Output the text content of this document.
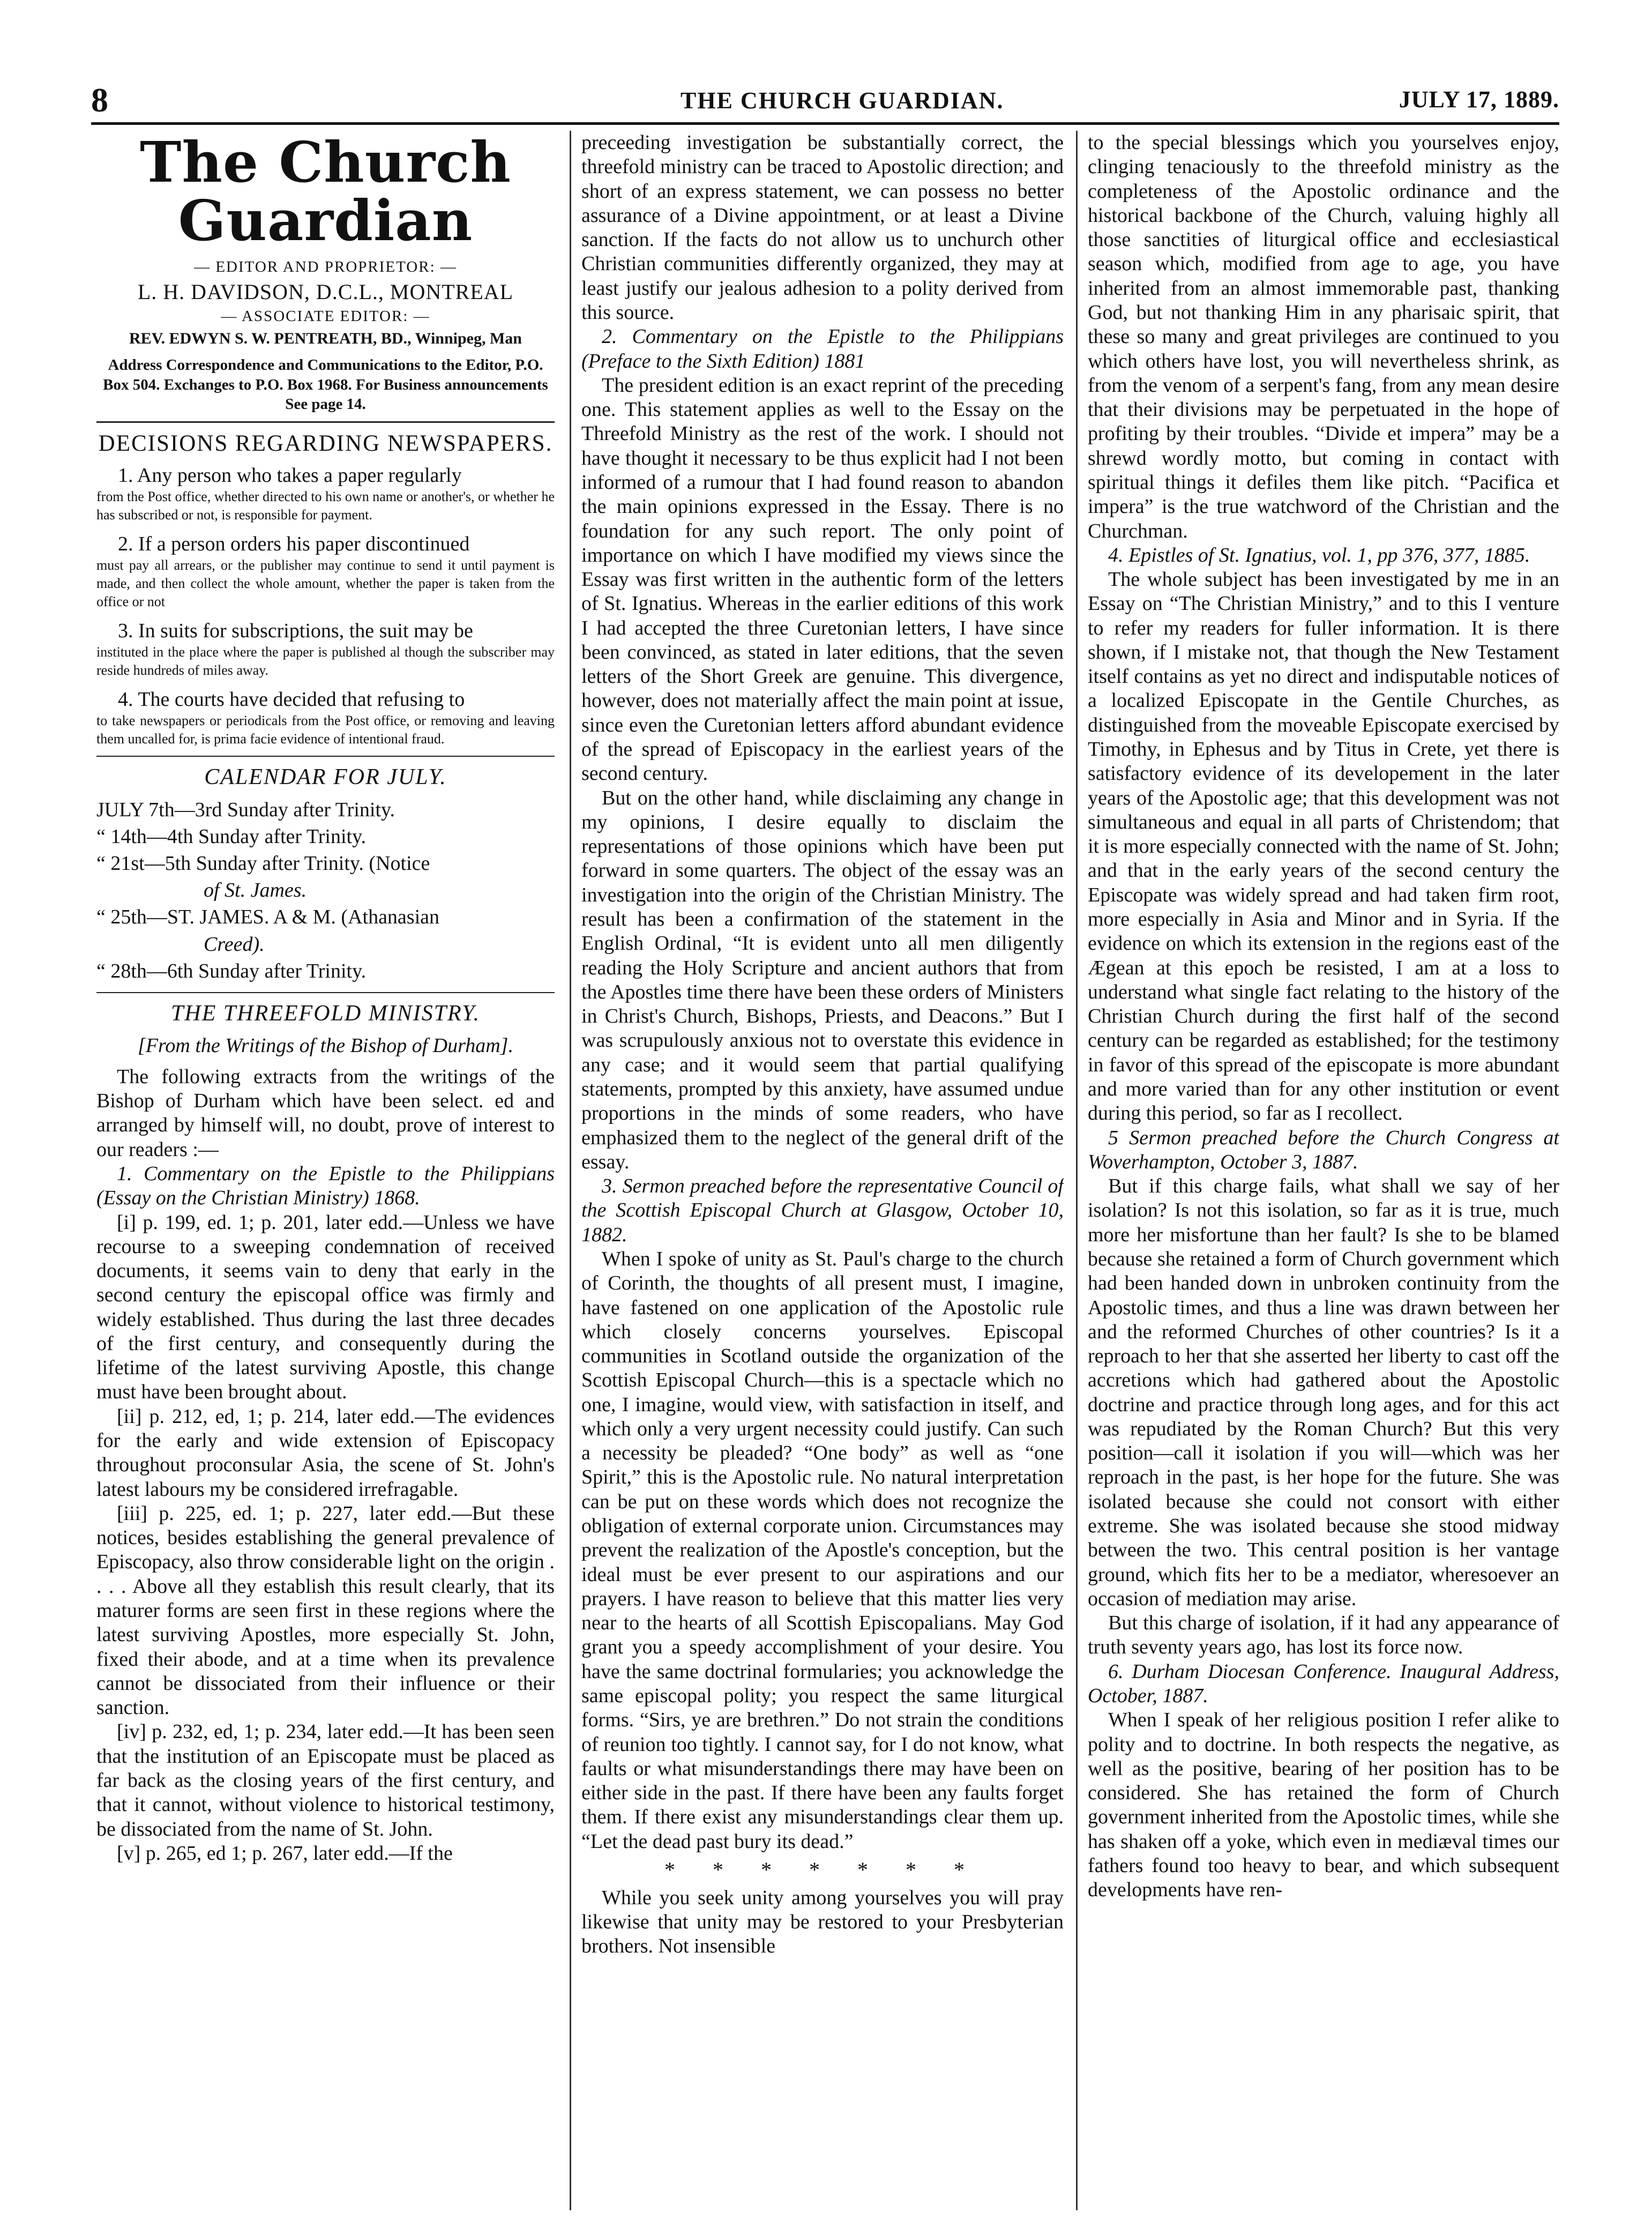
8	THE CHURCH GUARDIAN.	JULY 17, 1889.
The Church Guardian
— EDITOR AND PROPRIETOR: —
L. H. DAVIDSON, D.C.L., MONTREAL
— ASSOCIATE EDITOR: —
REV. EDWYN S. W. PENTREATH, BD., Winnipeg, Man
Address Correspondence and Communications to the Editor, P.O. Box 504. Exchanges to P.O. Box 1968. For Business announcements See page 14.
DECISIONS REGARDING NEWSPAPERS.

1. Any person who takes a paper regularly

from the Post office, whether directed to his own name or another's, or whether he has subscribed or not, is responsible for payment.

2. If a person orders his paper discontinued

must pay all arrears, or the publisher may continue to send it until payment is made, and then collect the whole amount, whether the paper is taken from the office or not

3. In suits for subscriptions, the suit may be

instituted in the place where the paper is published al though the subscriber may reside hundreds of miles away.

4. The courts have decided that refusing to

to take newspapers or periodicals from the Post office, or removing and leaving them uncalled for, is prima facie evidence of intentional fraud.

CALENDAR FOR JULY.
JULY 7th—3rd Sunday after Trinity.
“ 14th—4th Sunday after Trinity.
“ 21st—5th Sunday after Trinity. (Notice
of St. James.
“ 25th—ST. JAMES. A & M. (Athanasian
Creed).
“ 28th—6th Sunday after Trinity.
THE THREEFOLD MINISTRY.
[From the Writings of the Bishop of Durham].

The following extracts from the writings of the Bishop of Durham which have been select. ed and arranged by himself will, no doubt, prove of interest to our readers :—

1. Commentary on the Epistle to the Philippians (Essay on the Christian Ministry) 1868.

[i] p. 199, ed. 1; p. 201, later edd.—Unless we have recourse to a sweeping condemnation of received documents, it seems vain to deny that early in the second century the episcopal office was firmly and widely established. Thus during the last three decades of the first century, and consequently during the lifetime of the latest surviving Apostle, this change must have been brought about.

[ii] p. 212, ed, 1; p. 214, later edd.—The evidences for the early and wide extension of Episcopacy throughout proconsular Asia, the scene of St. John's latest labours my be considered irrefragable.

[iii] p. 225, ed. 1; p. 227, later edd.—But these notices, besides establishing the general prevalence of Episcopacy, also throw considerable light on the origin . . . . Above all they establish this result clearly, that its maturer forms are seen first in these regions where the latest surviving Apostles, more especially St. John, fixed their abode, and at a time when its prevalence cannot be dissociated from their influence or their sanction.

[iv] p. 232, ed, 1; p. 234, later edd.—It has been seen that the institution of an Episcopate must be placed as far back as the closing years of the first century, and that it cannot, without violence to historical testimony, be dissociated from the name of St. John.

[v] p. 265, ed 1; p. 267, later edd.—If the

preceeding investigation be substantially correct, the threefold ministry can be traced to Apostolic direction; and short of an express statement, we can possess no better assurance of a Divine appointment, or at least a Divine sanction. If the facts do not allow us to unchurch other Christian communities differently organized, they may at least justify our jealous adhesion to a polity derived from this source.

2. Commentary on the Epistle to the Philippians (Preface to the Sixth Edition) 1881

The president edition is an exact reprint of the preceding one. This statement applies as well to the Essay on the Threefold Ministry as the rest of the work. I should not have thought it necessary to be thus explicit had I not been informed of a rumour that I had found reason to abandon the main opinions expressed in the Essay. There is no foundation for any such report. The only point of importance on which I have modified my views since the Essay was first written in the authentic form of the letters of St. Ignatius. Whereas in the earlier editions of this work I had accepted the three Curetonian letters, I have since been convinced, as stated in later editions, that the seven letters of the Short Greek are genuine. This divergence, however, does not materially affect the main point at issue, since even the Curetonian letters afford abundant evidence of the spread of Episcopacy in the earliest years of the second century.

But on the other hand, while disclaiming any change in my opinions, I desire equally to disclaim the representations of those opinions which have been put forward in some quarters. The object of the essay was an investigation into the origin of the Christian Ministry. The result has been a confirmation of the statement in the English Ordinal, “It is evident unto all men diligently reading the Holy Scripture and ancient authors that from the Apostles time there have been these orders of Ministers in Christ's Church, Bishops, Priests, and Deacons.” But I was scrupulously anxious not to overstate this evidence in any case; and it would seem that partial qualifying statements, prompted by this anxiety, have assumed undue proportions in the minds of some readers, who have emphasized them to the neglect of the general drift of the essay.

3. Sermon preached before the representative Council of the Scottish Episcopal Church at Glasgow, October 10, 1882.

When I spoke of unity as St. Paul's charge to the church of Corinth, the thoughts of all present must, I imagine, have fastened on one application of the Apostolic rule which closely concerns yourselves. Episcopal communities in Scotland outside the organization of the Scottish Episcopal Church—this is a spectacle which no one, I imagine, would view, with satisfaction in itself, and which only a very urgent necessity could justify. Can such a necessity be pleaded? “One body” as well as “one Spirit,” this is the Apostolic rule. No natural interpretation can be put on these words which does not recognize the obligation of external corporate union. Circumstances may prevent the realization of the Apostle's conception, but the ideal must be ever present to our aspirations and our prayers. I have reason to believe that this matter lies very near to the hearts of all Scottish Episcopalians. May God grant you a speedy accomplishment of your desire. You have the same doctrinal formularies; you acknowledge the same episcopal polity; you respect the same liturgical forms. “Sirs, ye are brethren.” Do not strain the conditions of reunion too tightly. I cannot say, for I do not know, what faults or what misunderstandings there may have been on either side in the past. If there have been any faults forget them. If there exist any misunderstandings clear them up. “Let the dead past bury its dead.”

* * * * * * *

While you seek unity among yourselves you will pray likewise that unity may be restored to your Presbyterian brothers. Not insensible

to the special blessings which you yourselves enjoy, clinging tenaciously to the threefold ministry as the completeness of the Apostolic ordinance and the historical backbone of the Church, valuing highly all those sanctities of liturgical office and ecclesiastical season which, modified from age to age, you have inherited from an almost immemorable past, thanking God, but not thanking Him in any pharisaic spirit, that these so many and great privileges are continued to you which others have lost, you will nevertheless shrink, as from the venom of a serpent's fang, from any mean desire that their divisions may be perpetuated in the hope of profiting by their troubles. “Divide et impera” may be a shrewd wordly motto, but coming in contact with spiritual things it defiles them like pitch. “Pacifica et impera” is the true watchword of the Christian and the Churchman.

4. Epistles of St. Ignatius, vol. 1, pp 376, 377, 1885.

The whole subject has been investigated by me in an Essay on “The Christian Ministry,” and to this I venture to refer my readers for fuller information. It is there shown, if I mistake not, that though the New Testament itself contains as yet no direct and indisputable notices of a localized Episcopate in the Gentile Churches, as distinguished from the moveable Episcopate exercised by Timothy, in Ephesus and by Titus in Crete, yet there is satisfactory evidence of its developement in the later years of the Apostolic age; that this development was not simultaneous and equal in all parts of Christendom; that it is more especially connected with the name of St. John; and that in the early years of the second century the Episcopate was widely spread and had taken firm root, more especially in Asia and Minor and in Syria. If the evidence on which its extension in the regions east of the Ægean at this epoch be resisted, I am at a loss to understand what single fact relating to the history of the Christian Church during the first half of the second century can be regarded as established; for the testimony in favor of this spread of the episcopate is more abundant and more varied than for any other institution or event during this period, so far as I recollect.

5 Sermon preached before the Church Congress at Woverhampton, October 3, 1887.

But if this charge fails, what shall we say of her isolation? Is not this isolation, so far as it is true, much more her misfortune than her fault? Is she to be blamed because she retained a form of Church government which had been handed down in unbroken continuity from the Apostolic times, and thus a line was drawn between her and the reformed Churches of other countries? Is it a reproach to her that she asserted her liberty to cast off the accretions which had gathered about the Apostolic doctrine and practice through long ages, and for this act was repudiated by the Roman Church? But this very position—call it isolation if you will—which was her reproach in the past, is her hope for the future. She was isolated because she could not consort with either extreme. She was isolated because she stood midway between the two. This central position is her vantage ground, which fits her to be a mediator, wheresoever an occasion of mediation may arise.

But this charge of isolation, if it had any appearance of truth seventy years ago, has lost its force now.

6. Durham Diocesan Conference. Inaugural Address, October, 1887.

When I speak of her religious position I refer alike to polity and to doctrine. In both respects the negative, as well as the positive, bearing of her position has to be considered. She has retained the form of Church government inherited from the Apostolic times, while she has shaken off a yoke, which even in mediæval times our fathers found too heavy to bear, and which subsequent developments have ren-
